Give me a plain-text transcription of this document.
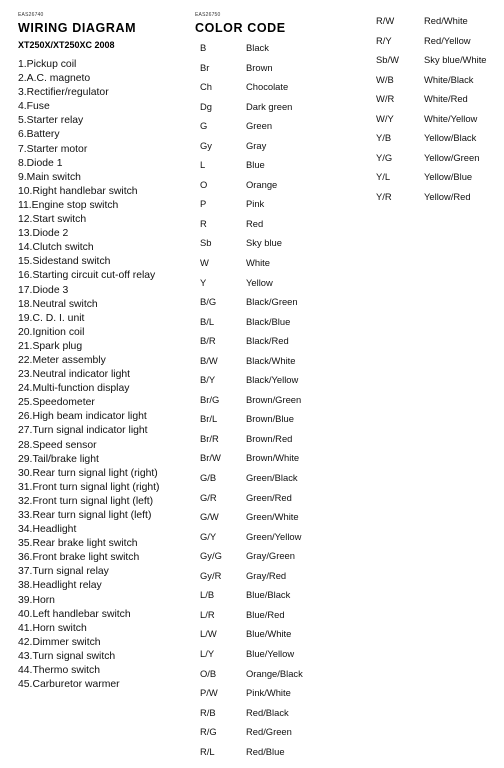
EAS26740
WIRING DIAGRAM
XT250X/XT250XC 2008
1.Pickup coil
2.A.C. magneto
3.Rectifier/regulator
4.Fuse
5.Starter relay
6.Battery
7.Starter motor
8.Diode 1
9.Main switch
10.Right handlebar switch
11.Engine stop switch
12.Start switch
13.Diode 2
14.Clutch switch
15.Sidestand switch
16.Starting circuit cut-off relay
17.Diode 3
18.Neutral switch
19.C. D. I. unit
20.Ignition coil
21.Spark plug
22.Meter assembly
23.Neutral indicator light
24.Multi-function display
25.Speedometer
26.High beam indicator light
27.Turn signal indicator light
28.Speed sensor
29.Tail/brake light
30.Rear turn signal light (right)
31.Front turn signal light (right)
32.Front turn signal light (left)
33.Rear turn signal light (left)
34.Headlight
35.Rear brake light switch
36.Front brake light switch
37.Turn signal relay
38.Headlight relay
39.Horn
40.Left handlebar switch
41.Horn switch
42.Dimmer switch
43.Turn signal switch
44.Thermo switch
45.Carburetor warmer
EAS26750
COLOR CODE
B	Black
Br	Brown
Ch	Chocolate
Dg	Dark green
G	Green
Gy	Gray
L	Blue
O	Orange
P	Pink
R	Red
Sb	Sky blue
W	White
Y	Yellow
B/G	Black/Green
B/L	Black/Blue
B/R	Black/Red
B/W	Black/White
B/Y	Black/Yellow
Br/G	Brown/Green
Br/L	Brown/Blue
Br/R	Brown/Red
Br/W	Brown/White
G/B	Green/Black
G/R	Green/Red
G/W	Green/White
G/Y	Green/Yellow
Gy/G	Gray/Green
Gy/R	Gray/Red
L/B	Blue/Black
L/R	Blue/Red
L/W	Blue/White
L/Y	Blue/Yellow
O/B	Orange/Black
P/W	Pink/White
R/B	Red/Black
R/G	Red/Green
R/L	Red/Blue
R/W	Red/White
R/Y	Red/Yellow
Sb/W	Sky blue/White
W/B	White/Black
W/R	White/Red
W/Y	White/Yellow
Y/B	Yellow/Black
Y/G	Yellow/Green
Y/L	Yellow/Blue
Y/R	Yellow/Red
